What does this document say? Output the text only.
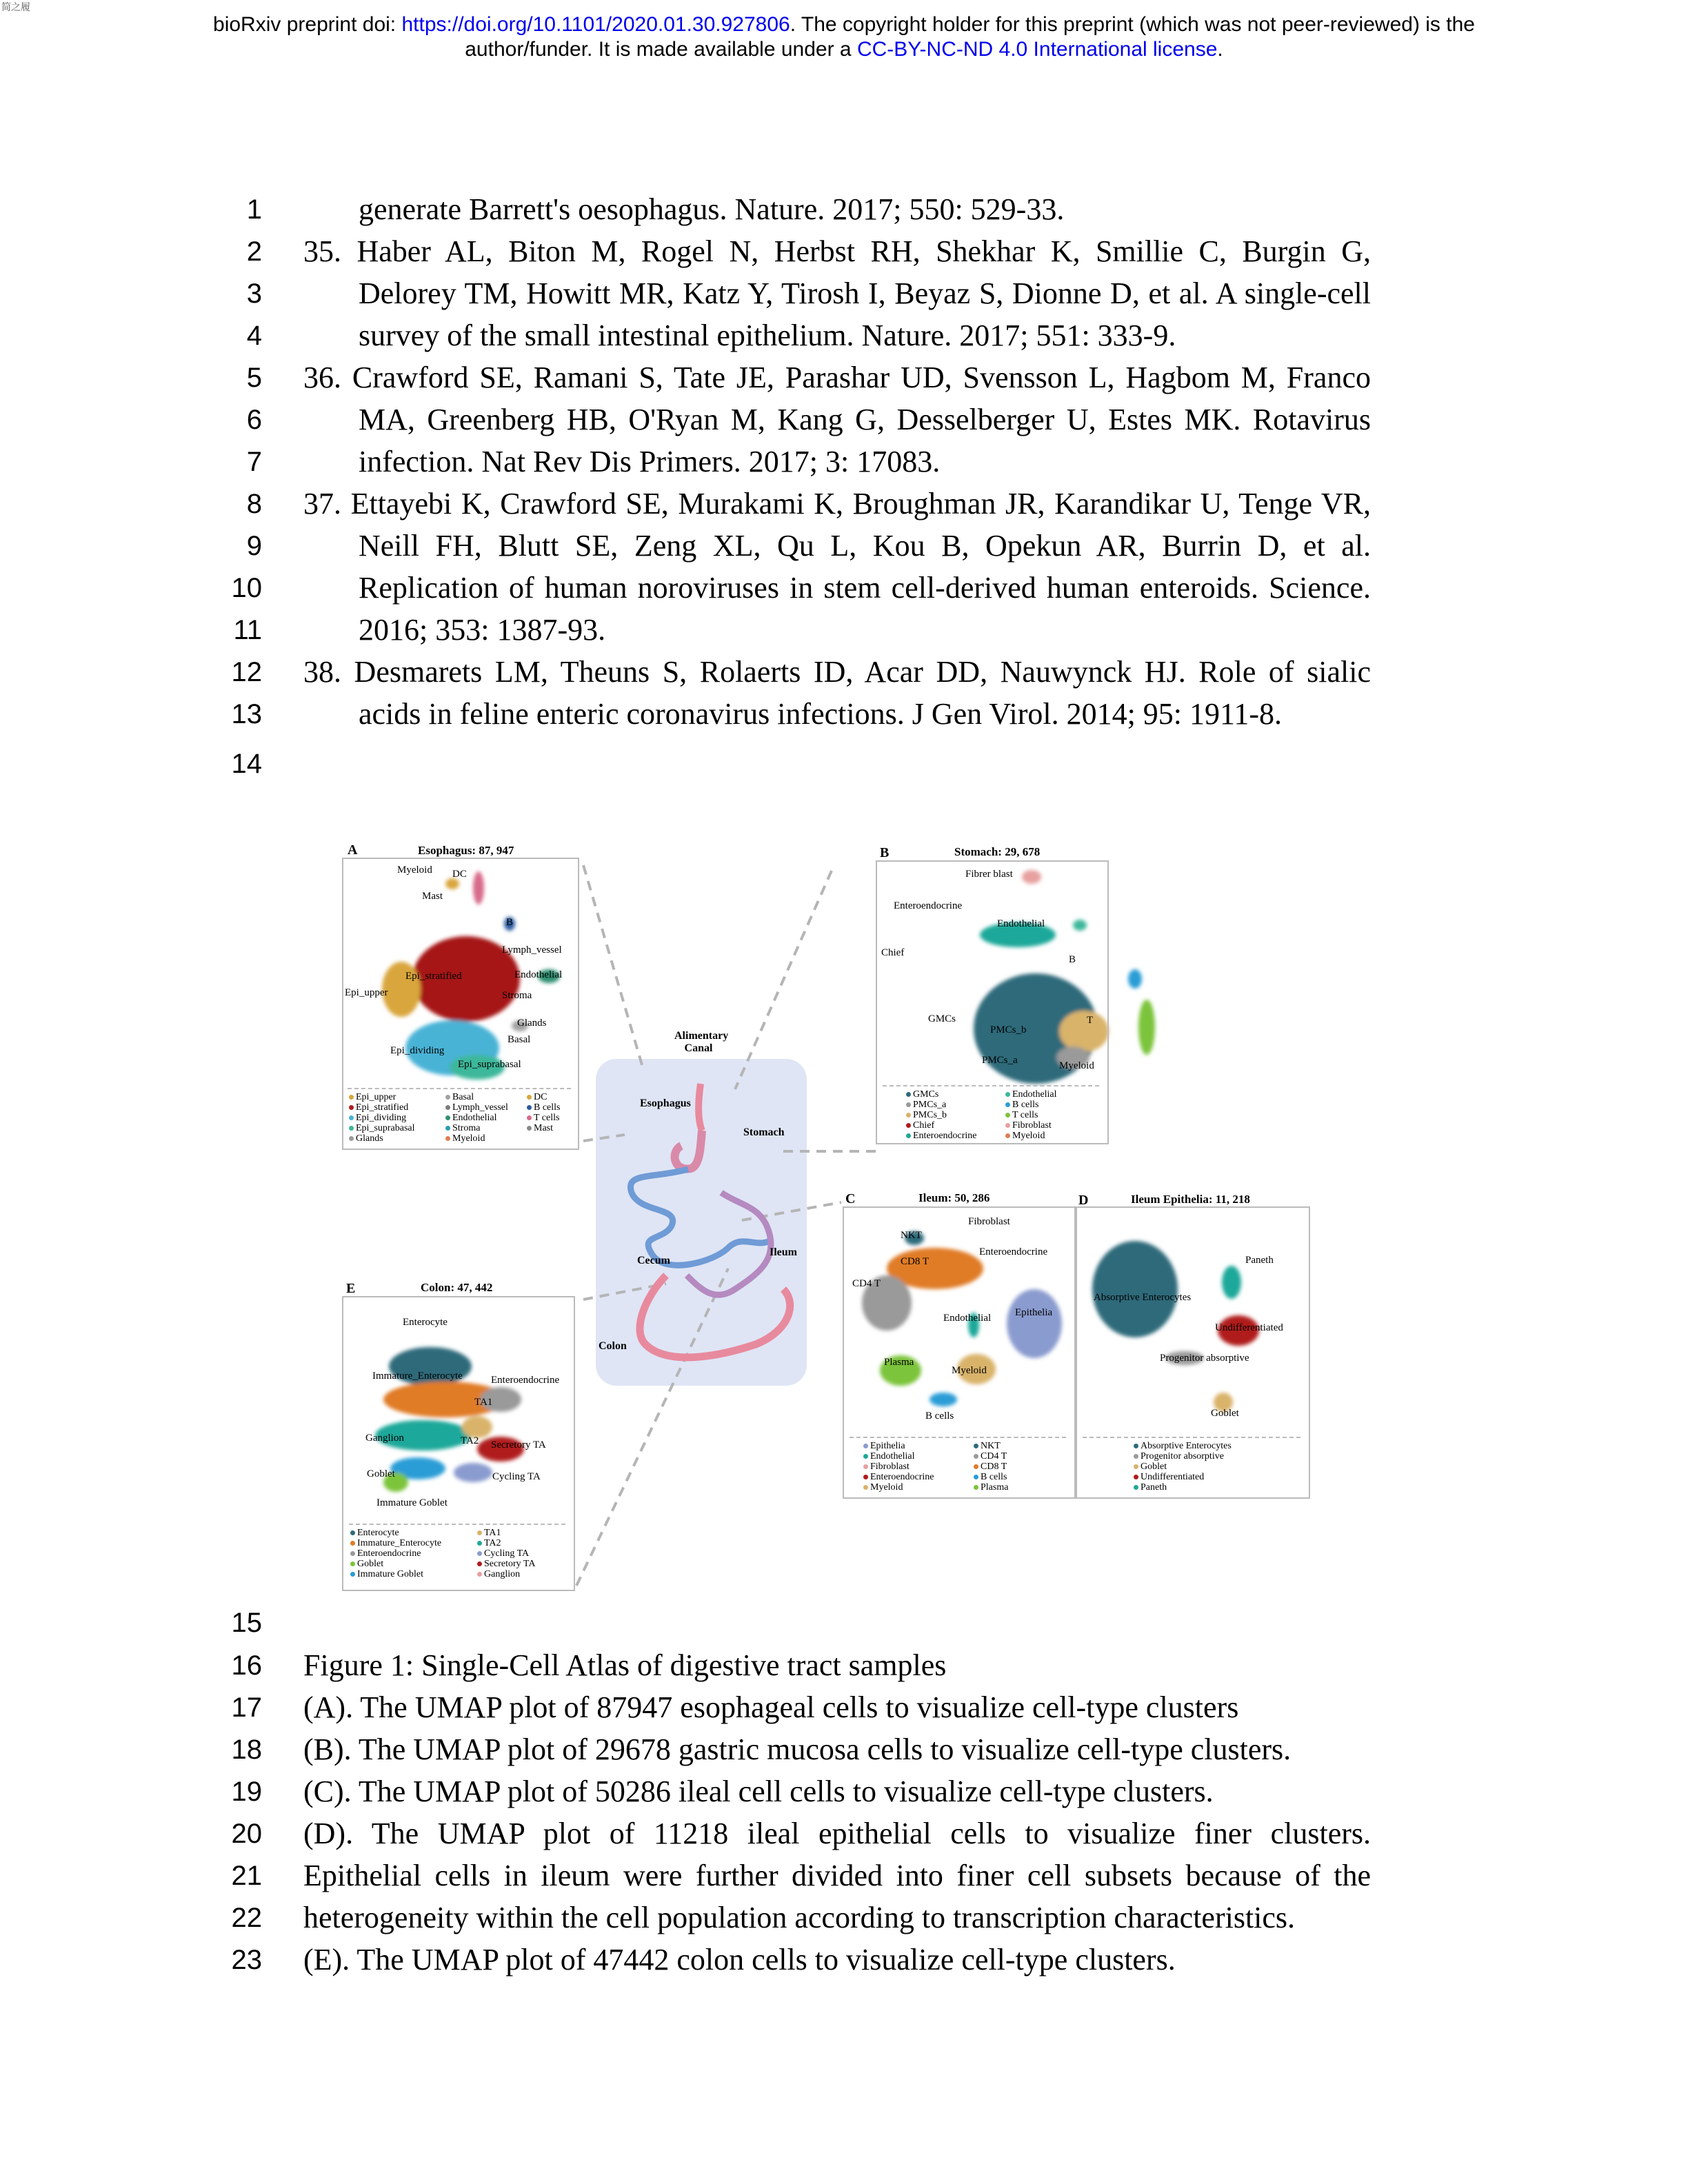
简之履
bioRxiv preprint doi: https://doi.org/10.1101/2020.01.30.927806. The copyright holder for this preprint (which was not peer-reviewed) is the
author/funder. It is made available under a CC-BY-NC-ND 4.0 International license.
1
2
3
4
5
6
7
8
9
10
11
12
13
14
15
16
17
18
19
20
21
22
23
generate Barrett's oesophagus. Nature. 2017; 550: 529-33.
35. Haber AL, Biton M, Rogel N, Herbst RH, Shekhar K, Smillie C, Burgin G,
Delorey TM, Howitt MR, Katz Y, Tirosh I, Beyaz S, Dionne D, et al. A single-cell
survey of the small intestinal epithelium. Nature. 2017; 551: 333-9.
36. Crawford SE, Ramani S, Tate JE, Parashar UD, Svensson L, Hagbom M, Franco
MA, Greenberg HB, O'Ryan M, Kang G, Desselberger U, Estes MK. Rotavirus
infection. Nat Rev Dis Primers. 2017; 3: 17083.
37. Ettayebi K, Crawford SE, Murakami K, Broughman JR, Karandikar U, Tenge VR,
Neill FH, Blutt SE, Zeng XL, Qu L, Kou B, Opekun AR, Burrin D, et al.
Replication of human noroviruses in stem cell-derived human enteroids. Science.
2016; 353: 1387-93.
38. Desmarets LM, Theuns S, Rolaerts ID, Acar DD, Nauwynck HJ. Role of sialic
acids in feline enteric coronavirus infections. J Gen Virol. 2014; 95: 1911-8.
A	Esophagus: 87, 947
Myeloid DC
Mast
B
Lymph_vessel
Endothelial
Epi_stratified
Epi_upper	Stroma
Glands
Basal
Epi_dividing
Epi_suprabasal
Epi_upper
Epi_stratified
Epi_dividing
Epi_suprabasal
Glands
Basal
Lymph_vessel
Endothelial
Stroma
Myeloid
DC
B cells
T cells
Mast
B	Stomach: 29, 678
Fibrer blast
Enteroendocrine
Endothelial
Chief
B
GMCs
PMCs_b
T
PMCs_a	Myeloid
GMCs
PMCs_a
PMCs_b
Chief
Enteroendocrine
Endothelial
B cells
T cells
Fibroblast
Myeloid
Alimentary
Canal
Esophagus
Stomach
Cecum
Ileum
Colon
C	Ileum: 50, 286
Fibroblast
NKT
CD8 T
Enteroendocrine
CD4 T
Endothelial Epithelia
Plasma
Myeloid
B cells
Epithelia
Endothelial
Fibroblast
Enteroendocrine
Myeloid
NKT
CD4 T
CD8 T
B cells
Plasma
D	Ileum Epithelia: 11, 218
Paneth
Absorptive Enterocytes
Undifferentiated
Progenitor absorptive
Goblet
Absorptive Enterocytes
Progenitor absorptive
Goblet
Undifferentiated
Paneth
E	Colon: 47, 442
Enterocyte
Immature_Enterocyte	Enteroendocrine
TA1
Ganglion	TA2 Secretory TA
Goblet	Cycling TA
Immature Goblet
Enterocyte
Immature_Enterocyte
Enteroendocrine
Goblet
Immature Goblet
TA1
TA2
Cycling TA
Secretory TA
Ganglion
Figure 1: Single-Cell Atlas of digestive tract samples
(A). The UMAP plot of 87947 esophageal cells to visualize cell-type clusters
(B). The UMAP plot of 29678 gastric mucosa cells to visualize cell-type clusters.
(C). The UMAP plot of 50286 ileal cell cells to visualize cell-type clusters.
(D). The UMAP plot of 11218 ileal epithelial cells to visualize finer clusters.
Epithelial cells in ileum were further divided into finer cell subsets because of the
heterogeneity within the cell population according to transcription characteristics.
(E). The UMAP plot of 47442 colon cells to visualize cell-type clusters.
